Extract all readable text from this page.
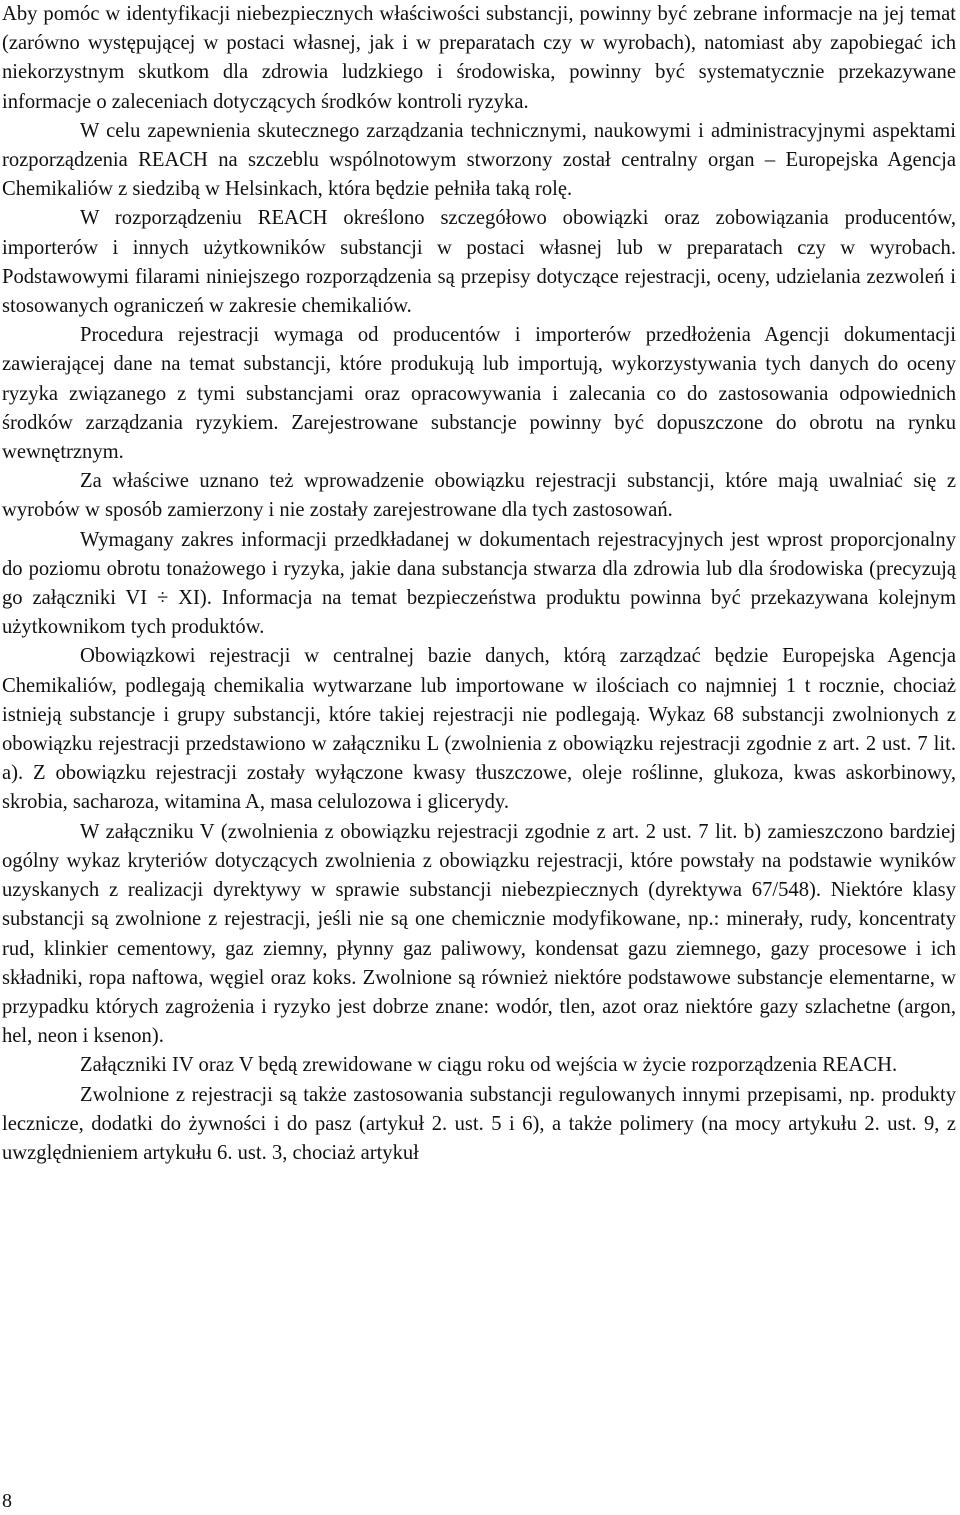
Aby pomóc w identyfikacji niebezpiecznych właściwości substancji, powinny być zebrane informacje na jej temat (zarówno występującej w postaci własnej, jak i w preparatach czy w wyrobach), natomiast aby zapobiegać ich niekorzystnym skutkom dla zdrowia ludzkiego i środowiska, powinny być systematycznie przekazywane informacje o zaleceniach dotyczących środków kontroli ryzyka.

W celu zapewnienia skutecznego zarządzania technicznymi, naukowymi i administracyjnymi aspektami rozporządzenia REACH na szczeblu wspólnotowym stworzony został centralny organ ‒ Europejska Agencja Chemikaliów z siedzibą w Helsinkach, która będzie pełniła taką rolę.

W rozporządzeniu REACH określono szczegółowo obowiązki oraz zobowiązania producentów, importerów i innych użytkowników substancji w postaci własnej lub w preparatach czy w wyrobach. Podstawowymi filarami niniejszego rozporządzenia są przepisy dotyczące rejestracji, oceny, udzielania zezwoleń i stosowanych ograniczeń w zakresie chemikaliów.

Procedura rejestracji wymaga od producentów i importerów przedłożenia Agencji dokumentacji zawierającej dane na temat substancji, które produkują lub importują, wykorzystywania tych danych do oceny ryzyka związanego z tymi substancjami oraz opracowywania i zalecania co do zastosowania odpowiednich środków zarządzania ryzykiem. Zarejestrowane substancje powinny być dopuszczone do obrotu na rynku wewnętrznym.

Za właściwe uznano też wprowadzenie obowiązku rejestracji substancji, które mają uwalniać się z wyrobów w sposób zamierzony i nie zostały zarejestrowane dla tych zastosowań.

Wymagany zakres informacji przedkładanej w dokumentach rejestracyjnych jest wprost proporcjonalny do poziomu obrotu tonażowego i ryzyka, jakie dana substancja stwarza dla zdrowia lub dla środowiska (precyzują go załączniki VI ÷ XI). Informacja na temat bezpieczeństwa produktu powinna być przekazywana kolejnym użytkownikom tych produktów.

Obowiązkowi rejestracji w centralnej bazie danych, którą zarządzać będzie Europejska Agencja Chemikaliów, podlegają chemikalia wytwarzane lub importowane w ilościach co najmniej 1 t rocznie, chociaż istnieją substancje i grupy substancji, które takiej rejestracji nie podlegają. Wykaz 68 substancji zwolnionych z obowiązku rejestracji przedstawiono w załączniku L (zwolnienia z obowiązku rejestracji zgodnie z art. 2 ust. 7 lit. a). Z obowiązku rejestracji zostały wyłączone kwasy tłuszczowe, oleje roślinne, glukoza, kwas askorbinowy, skrobia, sacharoza, witamina A, masa celulozowa i glicerydy.

W załączniku V (zwolnienia z obowiązku rejestracji zgodnie z art. 2 ust. 7 lit. b) zamieszczono bardziej ogólny wykaz kryteriów dotyczących zwolnienia z obowiązku rejestracji, które powstały na podstawie wyników uzyskanych z realizacji dyrektywy w sprawie substancji niebezpiecznych (dyrektywa 67/548). Niektóre klasy substancji są zwolnione z rejestracji, jeśli nie są one chemicznie modyfikowane, np.: minerały, rudy, koncentraty rud, klinkier cementowy, gaz ziemny, płynny gaz paliwowy, kondensat gazu ziemnego, gazy procesowe i ich składniki, ropa naftowa, węgiel oraz koks. Zwolnione są również niektóre podstawowe substancje elementarne, w przypadku których zagrożenia i ryzyko jest dobrze znane: wodór, tlen, azot oraz niektóre gazy szlachetne (argon, hel, neon i ksenon).

Załączniki IV oraz V będą zrewidowane w ciągu roku od wejścia w życie rozporządzenia REACH.

Zwolnione z rejestracji są także zastosowania substancji regulowanych innymi przepisami, np. produkty lecznicze, dodatki do żywności i do pasz (artykuł 2. ust. 5 i 6), a także polimery (na mocy artykułu 2. ust. 9, z uwzględnieniem artykułu 6. ust. 3, chociaż artykuł

8
